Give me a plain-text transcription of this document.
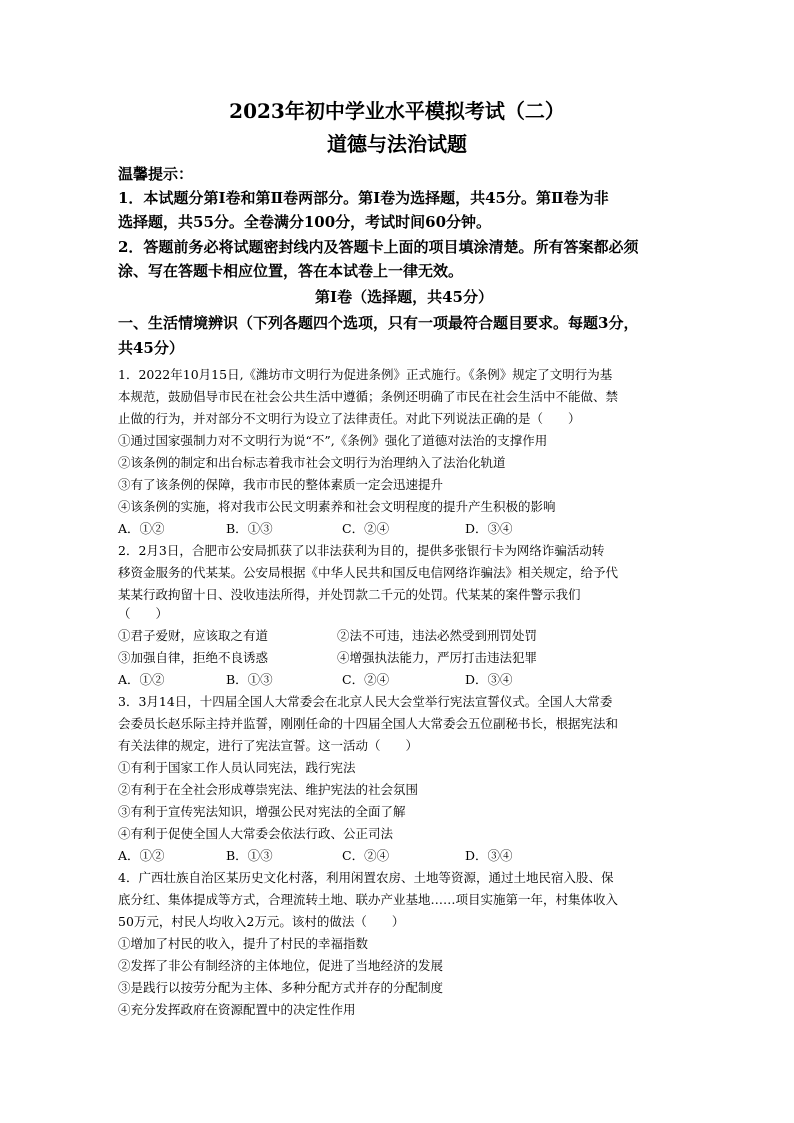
2023年初中学业水平模拟考试（二）
道德与法治试题
温馨提示：
1．本试题分第Ⅰ卷和第Ⅱ卷两部分。第Ⅰ卷为选择题，共45分。第Ⅱ卷为非
选择题，共55分。全卷满分100分，考试时间60分钟。
2．答题前务必将试题密封线内及答题卡上面的项目填涂清楚。所有答案都必须
涂、写在答题卡相应位置，答在本试卷上一律无效。
第Ⅰ卷（选择题，共45分）
一、生活情境辨识（下列各题四个选项，只有一项最符合题目要求。每题3分，
共45分）
1．2022年10月15日,《潍坊市文明行为促进条例》正式施行。《条例》规定了文明行为基
本规范，鼓励倡导市民在社会公共生活中遵循；条例还明确了市民在社会生活中不能做、禁
止做的行为，并对部分不文明行为设立了法律责任。对此下列说法正确的是（　　）
①通过国家强制力对不文明行为说“不”,《条例》强化了道德对法治的支撑作用
②该条例的制定和出台标志着我市社会文明行为治理纳入了法治化轨道
③有了该条例的保障，我市市民的整体素质一定会迅速提升
④该条例的实施，将对我市公民文明素养和社会文明程度的提升产生积极的影响
A．①②	B．①③	C．②④	D．③④
2．2月3日，合肥市公安局抓获了以非法获利为目的，提供多张银行卡为网络诈骗活动转
移资金服务的代某某。公安局根据《中华人民共和国反电信网络诈骗法》相关规定，给予代
某某行政拘留十日、没收违法所得，并处罚款二千元的处罚。代某某的案件警示我们
（　　）
①君子爱财，应该取之有道	②法不可违，违法必然受到刑罚处罚
③加强自律，拒绝不良诱惑	④增强执法能力，严厉打击违法犯罪
A．①②	B．①③	C．②④	D．③④
3．3月14日，十四届全国人大常委会在北京人民大会堂举行宪法宣誓仪式。全国人大常委
会委员长赵乐际主持并监誓，刚刚任命的十四届全国人大常委会五位副秘书长，根据宪法和
有关法律的规定，进行了宪法宣誓。这一活动（　　）
①有利于国家工作人员认同宪法，践行宪法
②有利于在全社会形成尊崇宪法、维护宪法的社会氛围
③有利于宣传宪法知识，增强公民对宪法的全面了解
④有利于促使全国人大常委会依法行政、公正司法
A．①②	B．①③	C．②④	D．③④
4．广西壮族自治区某历史文化村落，利用闲置农房、土地等资源，通过土地民宿入股、保
底分红、集体提成等方式，合理流转土地、联办产业基地……项目实施第一年，村集体收入
50万元，村民人均收入2万元。该村的做法（　　）
①增加了村民的收入，提升了村民的幸福指数
②发挥了非公有制经济的主体地位，促进了当地经济的发展
③是践行以按劳分配为主体、多种分配方式并存的分配制度
④充分发挥政府在资源配置中的决定性作用
